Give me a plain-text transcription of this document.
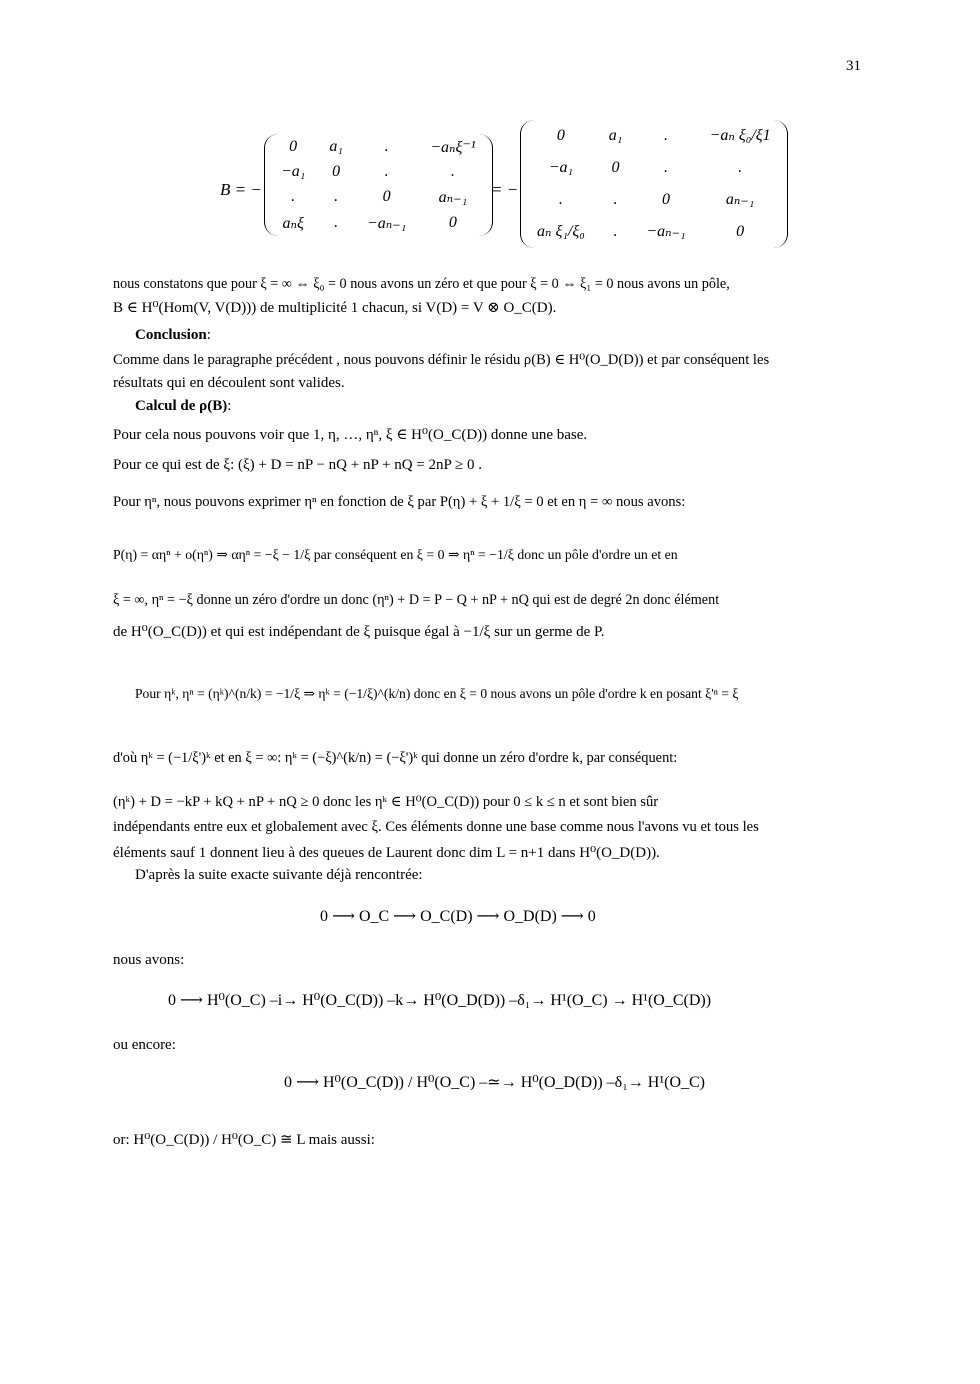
31
B = −
0	a₁	.	−aₙξ⁻¹
−a₁	0	.	.
.	.	0	aₙ₋₁
aₙξ	.	−aₙ₋₁	0
= −
0	a₁	.	−aₙ ξ₀/ξ1
−a₁	0	.	.
.	.	0	aₙ₋₁
aₙ ξ₁/ξ₀	.	−aₙ₋₁	0
nous constatons que pour ξ = ∞ ⇔ ξ₀ = 0 nous avons un zéro et que pour ξ = 0 ⇔ ξ₁ = 0 nous avons un pôle,
B ∈ H⁰(Hom(V, V(D))) de multiplicité 1 chacun, si V(D) = V ⊗ O_C(D).
Conclusion:
Comme dans le paragraphe précédent , nous pouvons définir le résidu ρ(B) ∈ H⁰(O_D(D)) et par conséquent les
résultats qui en découlent sont valides.
Calcul de ρ(B):
Pour cela nous pouvons voir que 1, η, …, ηⁿ, ξ ∈ H⁰(O_C(D)) donne une base.
Pour ce qui est de ξ: (ξ) + D = nP − nQ + nP + nQ = 2nP ≥ 0 .
Pour ηⁿ, nous pouvons exprimer ηⁿ en fonction de ξ par P(η) + ξ + 1/ξ = 0 et en η = ∞ nous avons:
P(η) = αηⁿ + o(ηⁿ) ⇒ αηⁿ = −ξ − 1/ξ par conséquent en ξ = 0 ⇒ ηⁿ = −1/ξ donc un pôle d'ordre un et en
ξ = ∞, ηⁿ = −ξ donne un zéro d'ordre un donc (ηⁿ) + D = P − Q + nP + nQ qui est de degré 2n donc élément
de H⁰(O_C(D)) et qui est indépendant de ξ puisque égal à −1/ξ sur un germe de P.
Pour ηᵏ, ηⁿ = (ηᵏ)^(n/k) = −1/ξ ⇒ ηᵏ = (−1/ξ)^(k/n) donc en ξ = 0 nous avons un pôle d'ordre k en posant ξ'ⁿ = ξ
d'où ηᵏ = (−1/ξ')ᵏ et en ξ = ∞: ηᵏ = (−ξ)^(k/n) = (−ξ')ᵏ qui donne un zéro d'ordre k, par conséquent:
(ηᵏ) + D = −kP + kQ + nP + nQ ≥ 0 donc les ηᵏ ∈ H⁰(O_C(D)) pour 0 ≤ k ≤ n et sont bien sûr
indépendants entre eux et globalement avec ξ. Ces éléments donne une base comme nous l'avons vu et tous les
éléments sauf 1 donnent lieu à des queues de Laurent donc dim L = n+1 dans H⁰(O_D(D)).
D'après la suite exacte suivante déjà rencontrée:
0 ⟶ O_C ⟶ O_C(D) ⟶ O_D(D) ⟶ 0
nous avons:
0 ⟶ H⁰(O_C) –i→ H⁰(O_C(D)) –k→ H⁰(O_D(D)) –δ₁→ H¹(O_C) → H¹(O_C(D))
ou encore:
0 ⟶ H⁰(O_C(D)) / H⁰(O_C) –≃→ H⁰(O_D(D)) –δ₁→ H¹(O_C)
or: H⁰(O_C(D)) / H⁰(O_C) ≅ L mais aussi:
